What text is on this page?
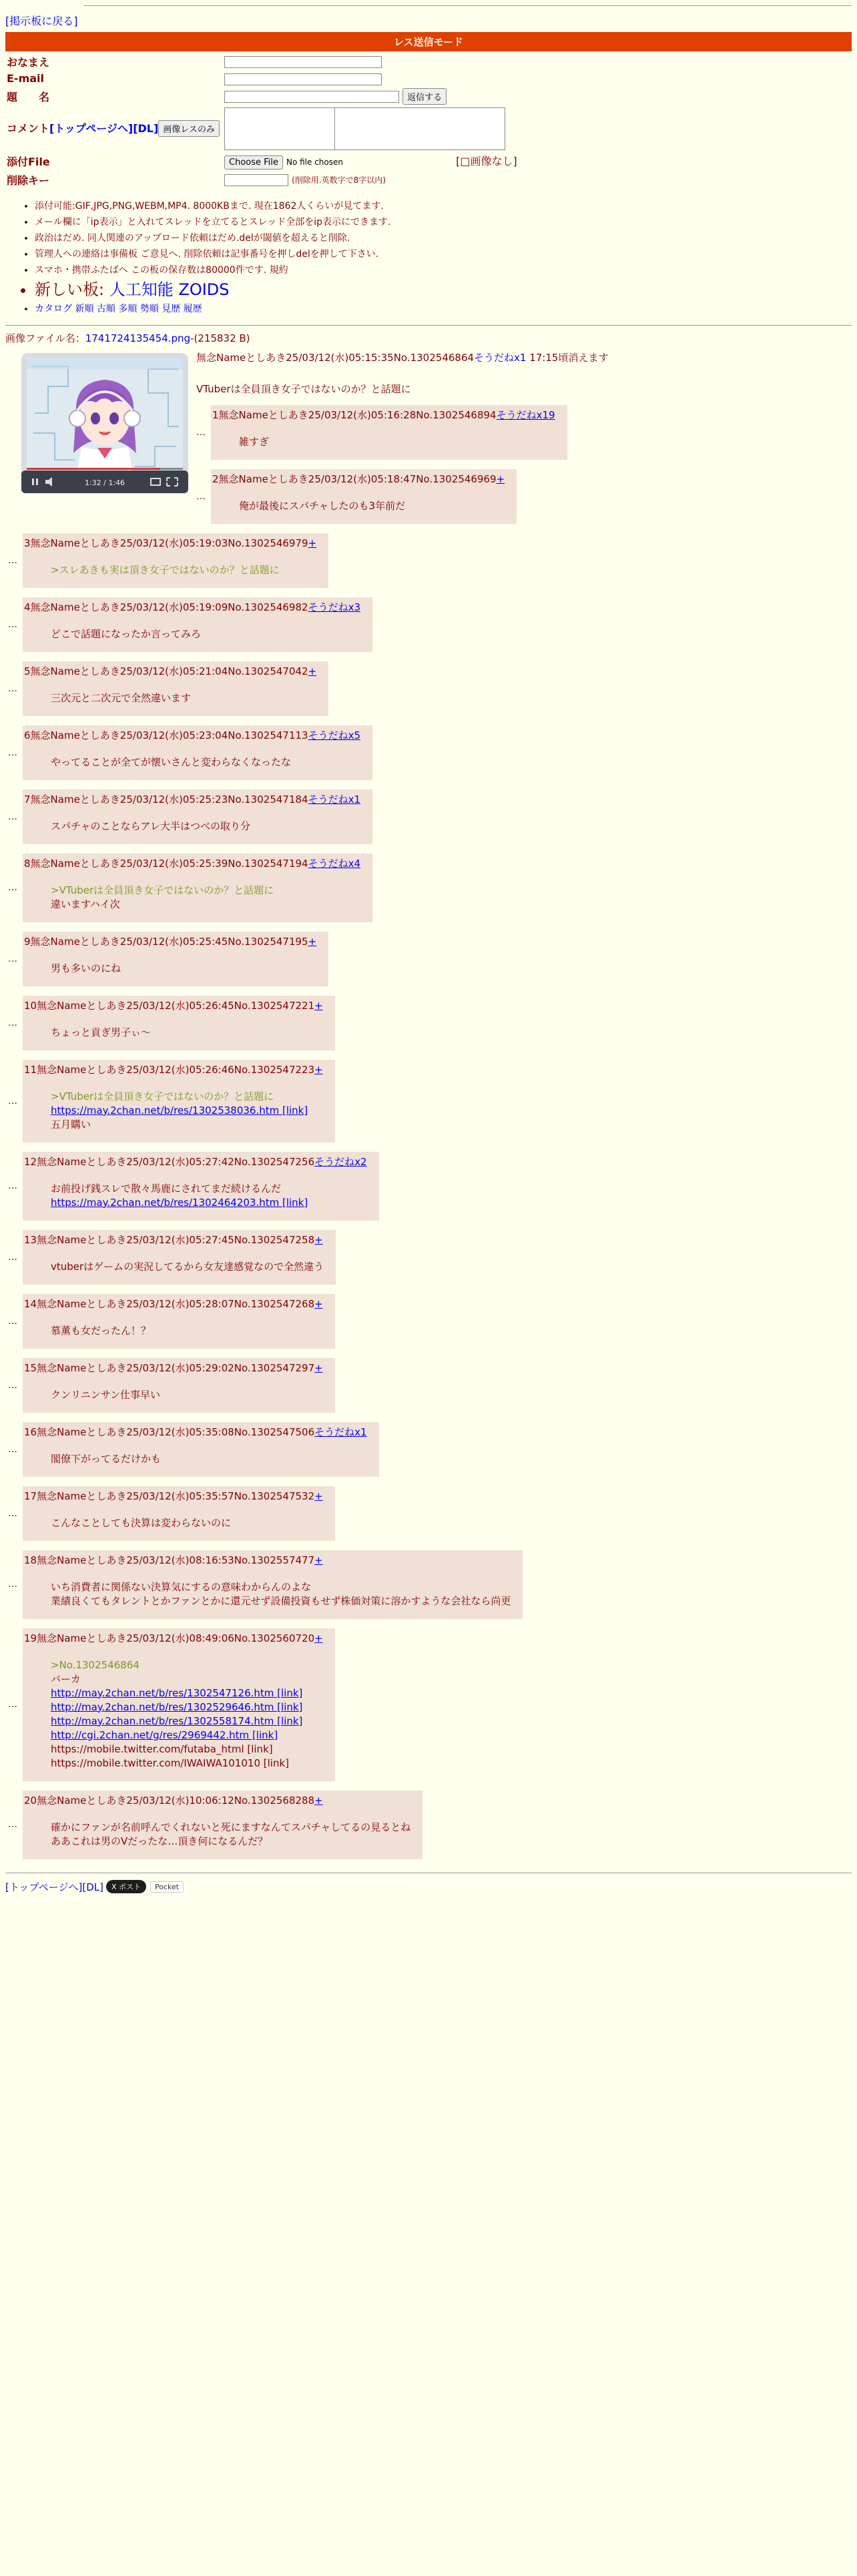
[掲示板に戻る]
レス送信モード
おなまえ	
E-mail	
題　　名	返信する
コメント[トップページへ][DL] 画像レスのみ	
添付File	Choose File No file chosen [□画像なし]
削除キー	(削除用.英数字で8字以内)
• 添付可能:GIF,JPG,PNG,WEBM,MP4. 8000KBまで. 現在1862人くらいが見てます.
• メール欄に「ip表示」と入れてスレッドを立てるとスレッド全部をip表示にできます.
• 政治はだめ. 同人関連のアップロード依頼はだめ.delが閾値を超えると削除.
• 管理人への連絡は事備板 ご意見へ. 削除依頼は記事番号を押しdelを押して下さい.
• スマホ・携帯ふたばへ この板の保存数は80000件です. 規約
• 新しい板: 人工知能 ZOIDS
• カタログ 新順 古順 多順 勢順 見歴 履歴
画像ファイル名：1741724135454.png-(215832 B)
1:32 / 1:46
無念Nameとしあき25/03/12(水)05:15:35No.1302546864そうだねx1 17:15頃消えます
VTuberは全員頂き女子ではないのか？と話題に
…
1無念Nameとしあき25/03/12(水)05:16:28No.1302546894そうだねx19
雑すぎ
…
2無念Nameとしあき25/03/12(水)05:18:47No.1302546969+
俺が最後にスパチャしたのも3年前だ
…
3無念Nameとしあき25/03/12(水)05:19:03No.1302546979+
>スレあきも実は頂き女子ではないのか？と話題に
…
4無念Nameとしあき25/03/12(水)05:19:09No.1302546982そうだねx3
どこで話題になったか言ってみろ
…
5無念Nameとしあき25/03/12(水)05:21:04No.1302547042+
三次元と二次元で全然違います
…
6無念Nameとしあき25/03/12(水)05:23:04No.1302547113そうだねx5
やってることが全てが懐いさんと変わらなくなったな
…
7無念Nameとしあき25/03/12(水)05:25:23No.1302547184そうだねx1
スパチャのことならアレ大半はつべの取り分
…
8無念Nameとしあき25/03/12(水)05:25:39No.1302547194そうだねx4
>VTuberは全員頂き女子ではないのか？と話題に
違いますハイ次
…
9無念Nameとしあき25/03/12(水)05:25:45No.1302547195+
男も多いのにね
…
10無念Nameとしあき25/03/12(水)05:26:45No.1302547221+
ちょっと貢ぎ男子ぃ〜
…
11無念Nameとしあき25/03/12(水)05:26:46No.1302547223+
>VTuberは全員頂き女子ではないのか？と話題に
https://may.2chan.net/b/res/1302538036.htm [link]
五月購い
…
12無念Nameとしあき25/03/12(水)05:27:42No.1302547256そうだねx2
お前投げ銭スレで散々馬鹿にされてまだ続けるんだ
https://may.2chan.net/b/res/1302464203.htm [link]
…
13無念Nameとしあき25/03/12(水)05:27:45No.1302547258+
vtuberはゲームの実況してるから女友達感覚なので全然違う
…
14無念Nameとしあき25/03/12(水)05:28:07No.1302547268+
慕薫も女だったん！？
…
15無念Nameとしあき25/03/12(水)05:29:02No.1302547297+
クンリニンサン仕事早い
…
16無念Nameとしあき25/03/12(水)05:35:08No.1302547506そうだねx1
閣僚下がってるだけかも
…
17無念Nameとしあき25/03/12(水)05:35:57No.1302547532+
こんなことしても決算は変わらないのに
…
18無念Nameとしあき25/03/12(水)08:16:53No.1302557477+
いち消費者に関係ない決算気にするの意味わからんのよな
業績良くてもタレントとかファンとかに還元せず設備投資もせず株価対策に溶かすような会社なら尚更
…
19無念Nameとしあき25/03/12(水)08:49:06No.1302560720+
>No.1302546864
バーカ
http://may.2chan.net/b/res/1302547126.htm [link]
http://may.2chan.net/b/res/1302529646.htm [link]
http://may.2chan.net/b/res/1302558174.htm [link]
http://cgi.2chan.net/g/res/2969442.htm [link]
https://mobile.twitter.com/futaba_html [link]
https://mobile.twitter.com/IWAIWA101010 [link]
…
20無念Nameとしあき25/03/12(水)10:06:12No.1302568288+
確かにファンが名前呼んでくれないと死にますなんてスパチャしてるの見るとね
ああこれは男のVだったな…頂き何になるんだ？
[トップページへ][DL]	X ポスト	Pocket
